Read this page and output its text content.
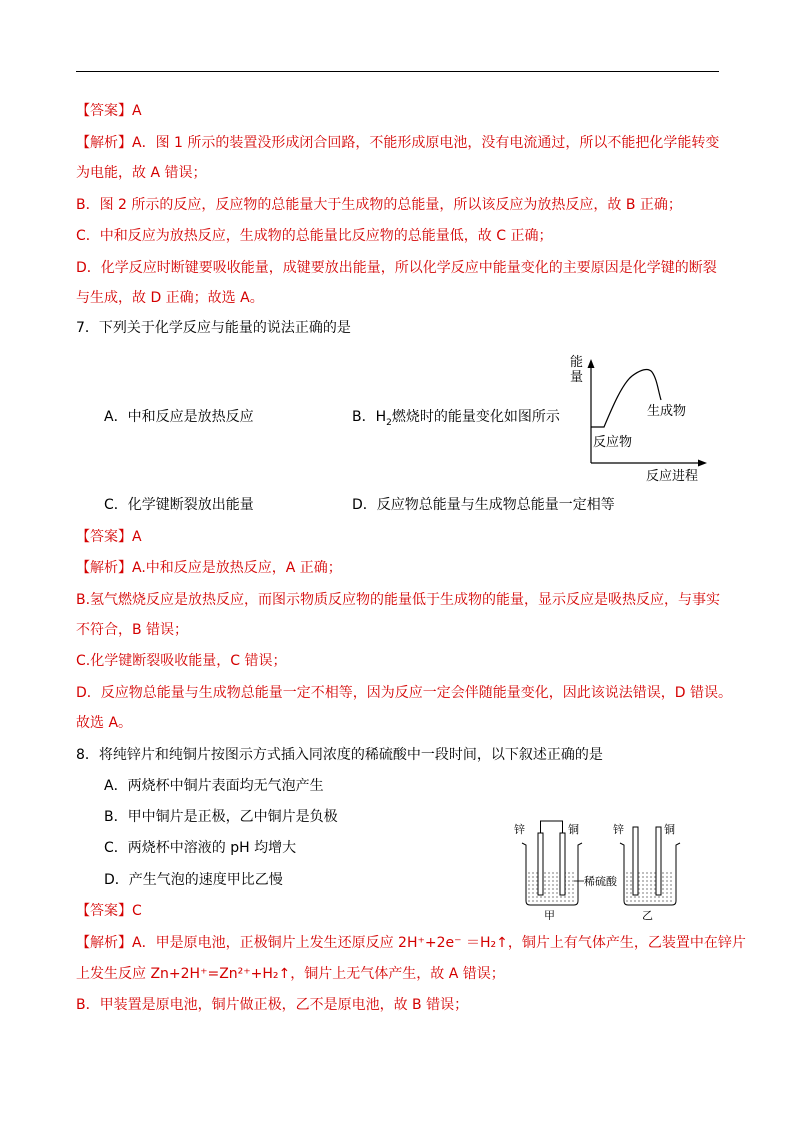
【答案】A
【解析】A．图 1 所示的装置没形成闭合回路，不能形成原电池，没有电流通过，所以不能把化学能转变
为电能，故 A 错误；
B．图 2 所示的反应，反应物的总能量大于生成物的总能量，所以该反应为放热反应，故 B 正确；
C．中和反应为放热反应，生成物的总能量比反应物的总能量低，故 C 正确；
D．化学反应时断键要吸收能量，成键要放出能量，所以化学反应中能量变化的主要原因是化学键的断裂
与生成，故 D 正确；故选 A。
7．下列关于化学反应与能量的说法正确的是
A．中和反应是放热反应	B．$H_2$燃烧时的能量变化如图所示
能
量
生成物
反应物
反应进程
C．化学键断裂放出能量	D．反应物总能量与生成物总能量一定相等
【答案】A
【解析】A.中和反应是放热反应，A 正确；
B.氢气燃烧反应是放热反应，而图示物质反应物的能量低于生成物的能量，显示反应是吸热反应，与事实
不符合，B 错误；
C.化学键断裂吸收能量，C 错误；
D．反应物总能量与生成物总能量一定不相等，因为反应一定会伴随能量变化，因此该说法错误，D 错误。
故选 A。
8．将纯锌片和纯铜片按图示方式插入同浓度的稀硫酸中一段时间，以下叙述正确的是
A．两烧杯中铜片表面均无气泡产生
B．甲中铜片是正极，乙中铜片是负极
C．两烧杯中溶液的 pH 均增大
D．产生气泡的速度甲比乙慢
锌	铜
稀硫酸
甲
锌	铜
乙
【答案】C
【解析】A．甲是原电池，正极铜片上发生还原反应 2H⁺+2e⁻ ＝H₂↑，铜片上有气体产生，乙装置中在锌片
上发生反应 Zn+2H⁺=Zn²⁺+H₂↑，铜片上无气体产生，故 A 错误；
B．甲装置是原电池，铜片做正极，乙不是原电池，故 B 错误；
